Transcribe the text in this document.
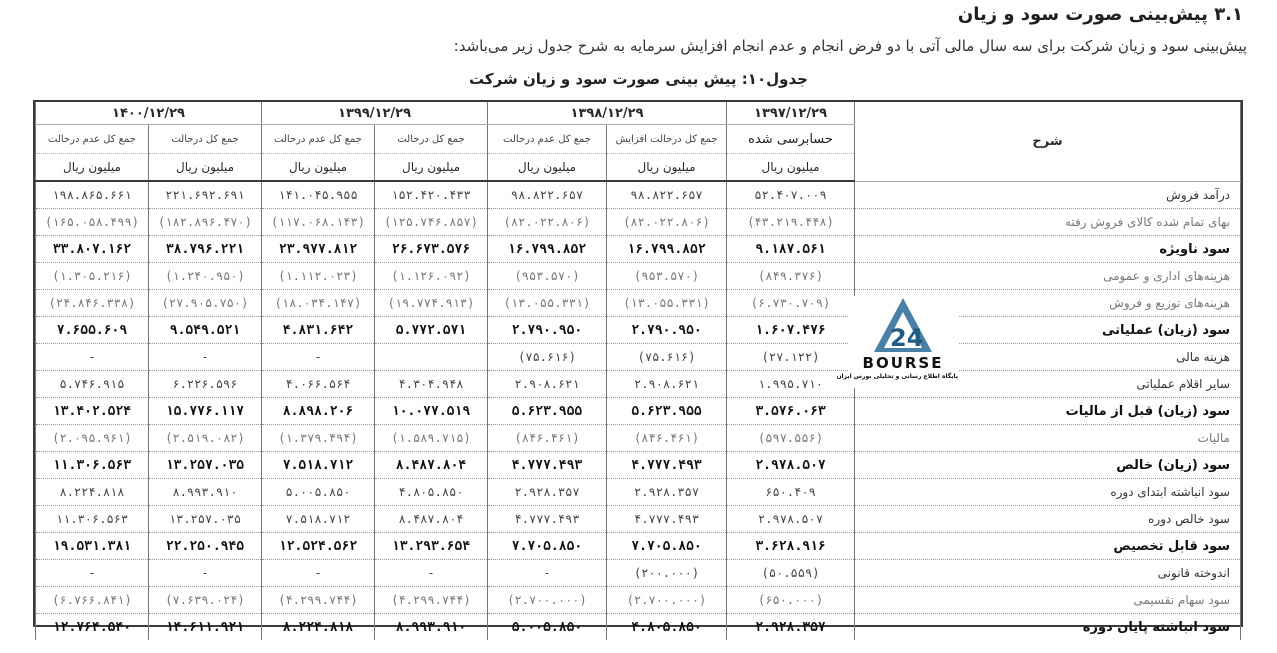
۳.۱ پیش‌بینی صورت سود و زیان
پیش‌بینی سود و زیان شرکت برای سه سال مالی آتی با دو فرض انجام و عدم انجام افزایش سرمایه به شرح جدول زیر می‌باشد:
جدول۱۰: پیش بینی صورت سود و زیان شرکت
۱۴۰۰/۱۲/۲۹		۱۳۹۹/۱۲/۲۹		۱۳۹۸/۱۲/۲۹		۱۳۹۷/۱۲/۲۹	شرح
جمع کل عدم درحالت	جمع کل درحالت	جمع کل عدم درحالت	جمع کل درحالت	جمع کل عدم درحالت	جمع کل درحالت افزایش	حسابرسی شده	
میلیون ریال	میلیون ریال	میلیون ریال	میلیون ریال	میلیون ریال	میلیون ریال	میلیون ریال	
۱۹۸.۸۶۵.۶۶۱	۲۲۱.۶۹۲.۶۹۱	۱۴۱.۰۴۵.۹۵۵	۱۵۲.۴۲۰.۴۳۳	۹۸.۸۲۲.۶۵۷	۹۸.۸۲۲.۶۵۷	۵۲.۴۰۷.۰۰۹	درآمد فروش
(۱۶۵.۰۵۸.۴۹۹)	(۱۸۲.۸۹۶.۴۷۰)	(۱۱۷.۰۶۸.۱۴۳)	(۱۲۵.۷۴۶.۸۵۷)	(۸۲.۰۲۲.۸۰۶)	(۸۲.۰۲۲.۸۰۶)	(۴۳.۲۱۹.۴۴۸)	بهای تمام شده کالای فروش رفته
۳۳.۸۰۷.۱۶۲	۳۸.۷۹۶.۲۲۱	۲۳.۹۷۷.۸۱۲	۲۶.۶۷۳.۵۷۶	۱۶.۷۹۹.۸۵۲	۱۶.۷۹۹.۸۵۲	۹.۱۸۷.۵۶۱	سود ناویژه
(۱.۳۰۵.۲۱۶)	(۱.۲۴۰.۹۵۰)	(۱.۱۱۲.۰۲۳)	(۱.۱۲۶.۰۹۲)	(۹۵۳.۵۷۰)	(۹۵۳.۵۷۰)	(۸۴۹.۳۷۶)	هزینه‌های اداری و عمومی
(۲۴.۸۴۶.۳۳۸)	(۲۷.۹۰۵.۷۵۰)	(۱۸.۰۳۴.۱۴۷)	(۱۹.۷۷۴.۹۱۳)	(۱۳.۰۵۵.۳۳۱)	(۱۳.۰۵۵.۳۳۱)	(۶.۷۳۰.۷۰۹)	هزینه‌های توزیع و فروش
۷.۶۵۵.۶۰۹	۹.۵۴۹.۵۲۱	۴.۸۳۱.۶۴۲	۵.۷۷۲.۵۷۱	۲.۷۹۰.۹۵۰	۲.۷۹۰.۹۵۰	۱.۶۰۷.۴۷۶	سود (زیان) عملیاتی
-	-	-		(۷۵.۶۱۶)	(۷۵.۶۱۶)	(۲۷.۱۲۲)	هزینه مالی
۵.۷۴۶.۹۱۵	۶.۲۲۶.۵۹۶	۴.۰۶۶.۵۶۴	۴.۳۰۴.۹۴۸	۲.۹۰۸.۶۲۱	۲.۹۰۸.۶۲۱	۱.۹۹۵.۷۱۰	سایر اقلام عملیاتی
۱۳.۴۰۲.۵۲۴	۱۵.۷۷۶.۱۱۷	۸.۸۹۸.۲۰۶	۱۰.۰۷۷.۵۱۹	۵.۶۲۳.۹۵۵	۵.۶۲۳.۹۵۵	۳.۵۷۶.۰۶۳	سود (زیان) قبل از مالیات
(۲.۰۹۵.۹۶۱)	(۲.۵۱۹.۰۸۲)	(۱.۳۷۹.۴۹۴)	(۱.۵۸۹.۷۱۵)	(۸۴۶.۴۶۱)	(۸۴۶.۴۶۱)	(۵۹۷.۵۵۶)	مالیات
۱۱.۳۰۶.۵۶۳	۱۳.۲۵۷.۰۳۵	۷.۵۱۸.۷۱۲	۸.۴۸۷.۸۰۴	۴.۷۷۷.۴۹۳	۴.۷۷۷.۴۹۳	۲.۹۷۸.۵۰۷	سود (زیان) خالص
۸.۲۲۴.۸۱۸	۸.۹۹۳.۹۱۰	۵.۰۰۵.۸۵۰	۴.۸۰۵.۸۵۰	۲.۹۲۸.۳۵۷	۲.۹۲۸.۳۵۷	۶۵۰.۴۰۹	سود انباشته ابتدای دوره
۱۱.۳۰۶.۵۶۳	۱۳.۲۵۷.۰۳۵	۷.۵۱۸.۷۱۲	۸.۴۸۷.۸۰۴	۴.۷۷۷.۴۹۳	۴.۷۷۷.۴۹۳	۲.۹۷۸.۵۰۷	سود خالص دوره
۱۹.۵۳۱.۳۸۱	۲۲.۲۵۰.۹۴۵	۱۲.۵۲۴.۵۶۲	۱۳.۲۹۳.۶۵۴	۷.۷۰۵.۸۵۰	۷.۷۰۵.۸۵۰	۳.۶۲۸.۹۱۶	سود قابل تخصیص
-	-	-	-	-	(۲۰۰.۰۰۰)	(۵۰.۵۵۹)	اندوخته قانونی
(۶.۷۶۶.۸۴۱)	(۷.۶۳۹.۰۲۴)	(۴.۲۹۹.۷۴۴)	(۴.۲۹۹.۷۴۴)	(۲.۷۰۰.۰۰۰)	(۲.۷۰۰.۰۰۰)	(۶۵۰.۰۰۰)	سود سهام تقسیمی
۱۲.۷۶۴.۵۴۰	۱۴.۶۱۱.۹۲۱	۸.۲۲۴.۸۱۸	۸.۹۹۳.۹۱۰	۵.۰۰۵.۸۵۰	۴.۸۰۵.۸۵۰	۲.۹۲۸.۳۵۷	سود انباشته پایان دوره
24
BOURSE
پایگاه اطلاع رسانی و تحلیلی بورس ایران
